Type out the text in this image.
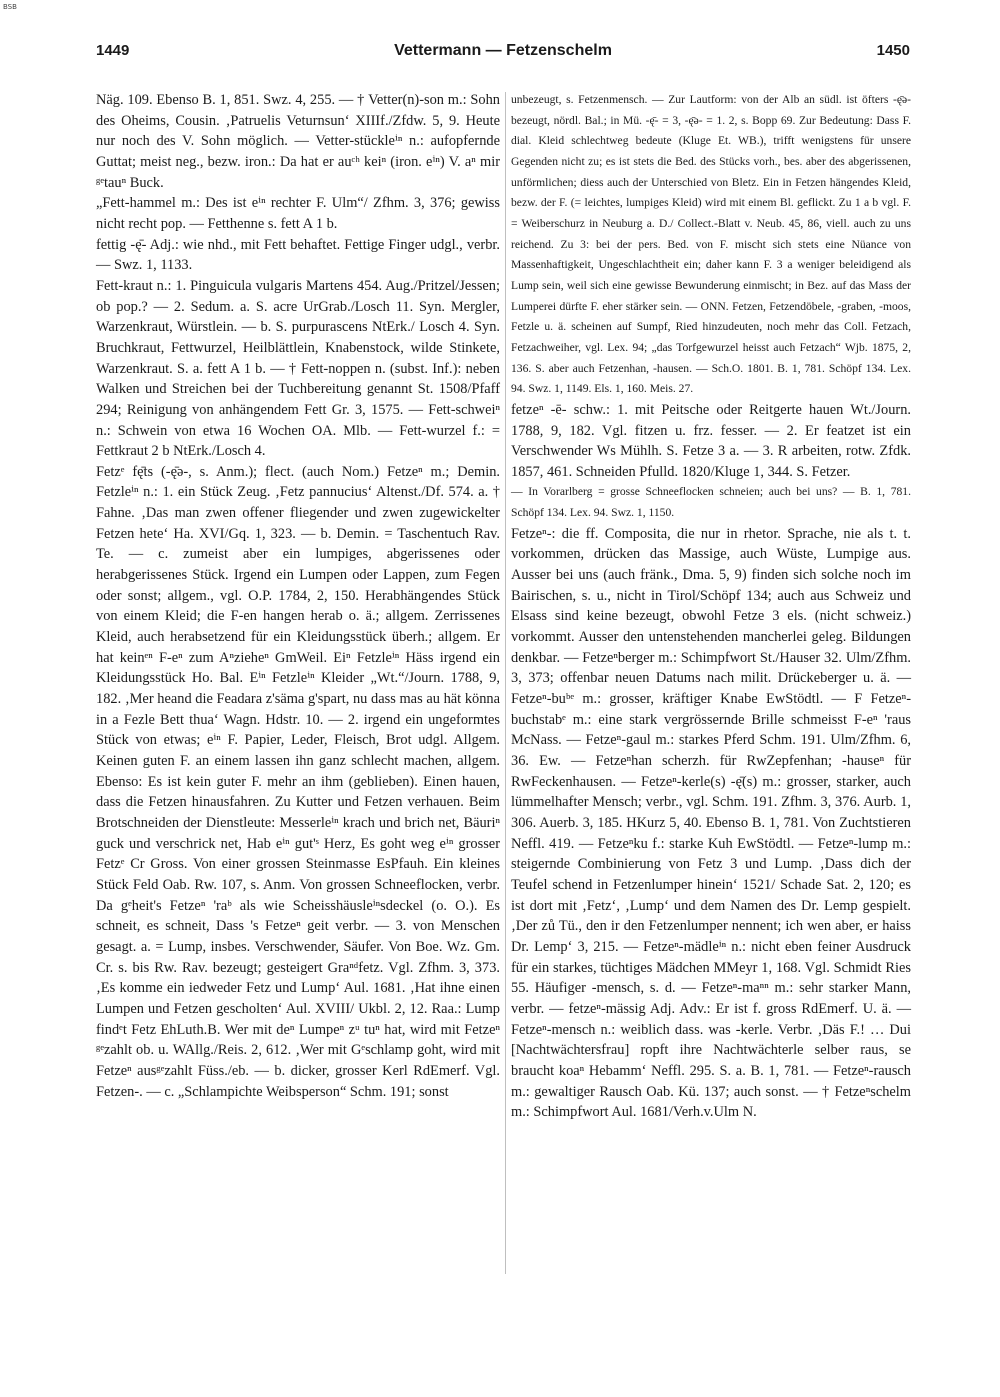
BSB
1449	Vettermann — Fetzenschelm	1450

Näg. 109. Ebenso B. 1, 851. Swz. 4, 255. — † Vetter(n)-son m.: Sohn des Oheims, Cousin. ‚Patruelis Veturnsun‘ XIIIf./Zfdw. 5, 9. Heute nur noch des V. Sohn möglich. — Vetter-stückleⁱⁿ n.: aufopfernde Guttat; meist neg., bezw. iron.: Da hat er auᶜʰ keiⁿ (iron. eⁱⁿ) V. aⁿ mir ᵍᵉtauⁿ Buck.

„Fett-hammel m.: Des ist eⁱⁿ rechter F. Ulm“/ Zfhm. 3, 376; gewiss nicht recht pop. — Fetthenne s. fett A 1 b.

fettig -ę̄- Adj.: wie nhd., mit Fett behaftet. Fettige Finger udgl., verbr. — Swz. 1, 1133.

Fett-kraut n.: 1. Pinguicula vulgaris Martens 454. Aug./Pritzel/Jessen; ob pop.? — 2. Sedum. a. S. acre UrGrab./Losch 11. Syn. Mergler, Warzenkraut, Würstlein. — b. S. purpurascens NtErk./ Losch 4. Syn. Bruchkraut, Fettwurzel, Heilblättlein, Knabenstock, wilde Stinkete, Warzenkraut. S. a. fett A 1 b. — † Fett-noppen n. (subst. Inf.): neben Walken und Streichen bei der Tuchbereitung genannt St. 1508/Pfaff 294; Reinigung von anhängendem Fett Gr. 3, 1575. — Fett-schweiⁿ n.: Schwein von etwa 16 Wochen OA. Mlb. — Fett-wurzel f.: = Fettkraut 2 b NtErk./Losch 4.

Fetzᵉ fę̄ts (-ę̄ə-, s. Anm.); flect. (auch Nom.) Fetzeⁿ m.; Demin. Fetzleⁱⁿ n.: 1. ein Stück Zeug. ‚Fetz pannucius‘ Altenst./Df. 574. a. † Fahne. ‚Das man zwen offener fliegender und zwen zugewickelter Fetzen hete‘ Ha. XVI/Gq. 1, 323. — b. Demin. = Taschentuch Rav. Te. — c. zumeist aber ein lumpiges, abgerissenes oder herabgerissenes Stück. Irgend ein Lumpen oder Lappen, zum Fegen oder sonst; allgem., vgl. O.P. 1784, 2, 150. Herabhängendes Stück von einem Kleid; die F-en hangen herab o. ä.; allgem. Zerrissenes Kleid, auch herabsetzend für ein Kleidungsstück überh.; allgem. Er hat keinᵉⁿ F-eⁿ zum Aⁿzieheⁿ GmWeil. Eiⁿ Fetzleⁱⁿ Häss irgend ein Kleidungsstück Ho. Bal. Eⁱⁿ Fetzleⁱⁿ Kleider „Wt.“/Journ. 1788, 9, 182. ‚Mer heand die Feadara z'säma g'spart, nu dass mas au hät könna in a Fezle Bett thua‘ Wagn. Hdstr. 10. — 2. irgend ein ungeformtes Stück von etwas; eⁱⁿ F. Papier, Leder, Fleisch, Brot udgl. Allgem. Keinen guten F. an einem lassen ihn ganz schlecht machen, allgem. Ebenso: Es ist kein guter F. mehr an ihm (geblieben). Einen hauen, dass die Fetzen hinausfahren. Zu Kutter und Fetzen verhauen. Beim Brotschneiden der Dienstleute: Messerleⁱⁿ krach und brich net, Bäuriⁿ guck und verschrick net, Hab eⁱⁿ gut'ˢ Herz, Es goht weg eⁱⁿ grosser Fetzᵉ Cr Gross. Von einer grossen Steinmasse EsPfauh. Ein kleines Stück Feld Oab. Rw. 107, s. Anm. Von grossen Schneeflocken, verbr. Da gᵉheit's Fetzeⁿ 'raᵇ als wie Scheisshäusleⁱⁿsdeckel (o. O.). Es schneit, es schneit, Dass 's Fetzeⁿ geit verbr. — 3. von Menschen gesagt. a. = Lump, insbes. Verschwender, Säufer. Von Boe. Wz. Gm. Cr. s. bis Rw. Rav. bezeugt; gesteigert Graⁿᵈfetz. Vgl. Zfhm. 3, 373. ‚Es komme ein iedweder Fetz und Lump‘ Aul. 1681. ‚Hat ihne einen Lumpen und Fetzen gescholten‘ Aul. XVIII/ Ukbl. 2, 12. Raa.: Lump findᵉt Fetz EhLuth.B. Wer mit deⁿ Lumpeⁿ zᵘ tuⁿ hat, wird mit Fetzeⁿ ᵍᵉzahlt ob. u. WAllg./Reis. 2, 612. ‚Wer mit Gᵉschlamp goht, wird mit Fetzeⁿ ausᵍᵉzahlt Füss./eb. — b. dicker, grosser Kerl RdEmerf. Vgl. Fetzen-. — c. „Schlampichte Weibsperson“ Schm. 191; sonst

unbezeugt, s. Fetzenmensch. — Zur Lautform: von der Alb an südl. ist öfters -ę̄ə- bezeugt, nördl. Bal.; in Mü. -ę̄- = 3, -ę̄ə- = 1. 2, s. Bopp 69. Zur Bedeutung: Dass F. dial. Kleid schlechtweg bedeute (Kluge Et. WB.), trifft wenigstens für unsere Gegenden nicht zu; es ist stets die Bed. des Stücks vorh., bes. aber des abgerissenen, unförmlichen; diess auch der Unterschied von Bletz. Ein in Fetzen hängendes Kleid, bezw. der F. (= leichtes, lumpiges Kleid) wird mit einem Bl. geflickt. Zu 1 a b vgl. F. = Weiberschurz in Neuburg a. D./ Collect.-Blatt v. Neub. 45, 86, viell. auch zu uns reichend. Zu 3: bei der pers. Bed. von F. mischt sich stets eine Nüance von Massenhaftigkeit, Ungeschlachtheit ein; daher kann F. 3 a weniger beleidigend als Lump sein, weil sich eine gewisse Bewunderung einmischt; in Bez. auf das Mass der Lumperei dürfte F. eher stärker sein. — ONN. Fetzen, Fetzendöbele, -graben, -moos, Fetzle u. ä. scheinen auf Sumpf, Ried hinzudeuten, noch mehr das Coll. Fetzach, Fetzachweiher, vgl. Lex. 94; „das Torfgewurzel heisst auch Fetzach“ Wjb. 1875, 2, 136. S. aber auch Fetzenhan, -hausen. — Sch.O. 1801. B. 1, 781. Schöpf 134. Lex. 94. Swz. 1, 1149. Els. 1, 160. Meis. 27.

fetzeⁿ -ē- schw.: 1. mit Peitsche oder Reitgerte hauen Wt./Journ. 1788, 9, 182. Vgl. fitzen u. frz. fesser. — 2. Er featzet ist ein Verschwender Ws Mühlh. S. Fetze 3 a. — 3. R arbeiten, rotw. Zfdk. 1857, 461. Schneiden Pfulld. 1820/Kluge 1, 344. S. Fetzer.

— In Vorarlberg = grosse Schneeflocken schneien; auch bei uns? — B. 1, 781. Schöpf 134. Lex. 94. Swz. 1, 1150.

Fetzeⁿ-: die ff. Composita, die nur in rhetor. Sprache, nie als t. t. vorkommen, drücken das Massige, auch Wüste, Lumpige aus. Ausser bei uns (auch fränk., Dma. 5, 9) finden sich solche noch im Bairischen, s. u., nicht in Tirol/Schöpf 134; auch aus Schweiz und Elsass sind keine bezeugt, obwohl Fetze 3 els. (nicht schweiz.) vorkommt. Ausser den untenstehenden mancherlei geleg. Bildungen denkbar. — Fetzeⁿberger m.: Schimpfwort St./Hauser 32. Ulm/Zfhm. 3, 373; offenbar neuen Datums nach milit. Drückeberger u. ä. — Fetzeⁿ-buᵇᵉ m.: grosser, kräftiger Knabe EwStödtl. — F Fetzeⁿ-buchstabᵉ m.: eine stark vergrössernde Brille schmeisst F-eⁿ 'raus McNass. — Fetzeⁿ-gaul m.: starkes Pferd Schm. 191. Ulm/Zfhm. 6, 36. Ew. — Fetzeⁿhan scherzh. für RwZepfenhan; -hauseⁿ für RwFeckenhausen. — Fetzeⁿ-kerle(s) -ę̄(s) m.: grosser, starker, auch lümmelhafter Mensch; verbr., vgl. Schm. 191. Zfhm. 3, 376. Aurb. 1, 306. Auerb. 3, 185. HKurz 5, 40. Ebenso B. 1, 781. Von Zuchtstieren Neffl. 419. — Fetzeⁿku f.: starke Kuh EwStödtl. — Fetzeⁿ-lump m.: steigernde Combinierung von Fetz 3 und Lump. ‚Dass dich der Teufel schend in Fetzenlumper hinein‘ 1521/ Schade Sat. 2, 120; es ist dort mit ‚Fetz‘, ‚Lump‘ und dem Namen des Dr. Lemp gespielt. ‚Der zů Tü., den ir den Fetzenlumper nennent; ich wen aber, er haiss Dr. Lemp‘ 3, 215. — Fetzeⁿ-mädleⁱⁿ n.: nicht eben feiner Ausdruck für ein starkes, tüchtiges Mädchen MMeyr 1, 168. Vgl. Schmidt Ries 55. Häufiger -mensch, s. d. — Fetzeⁿ-maⁿⁿ m.: sehr starker Mann, verbr. — fetzeⁿ-mässig Adj. Adv.: Er ist f. gross RdEmerf. U. ä. — Fetzeⁿ-mensch n.: weiblich dass. was -kerle. Verbr. ‚Däs F.! … Dui [Nachtwächtersfrau] ropft ihre Nachtwächterle selber raus, se braucht koaⁿ Hebamm‘ Neffl. 295. S. a. B. 1, 781. — Fetzeⁿ-rausch m.: gewaltiger Rausch Oab. Kü. 137; auch sonst. — † Fetzeⁿschelm m.: Schimpfwort Aul. 1681/Verh.v.Ulm N.
